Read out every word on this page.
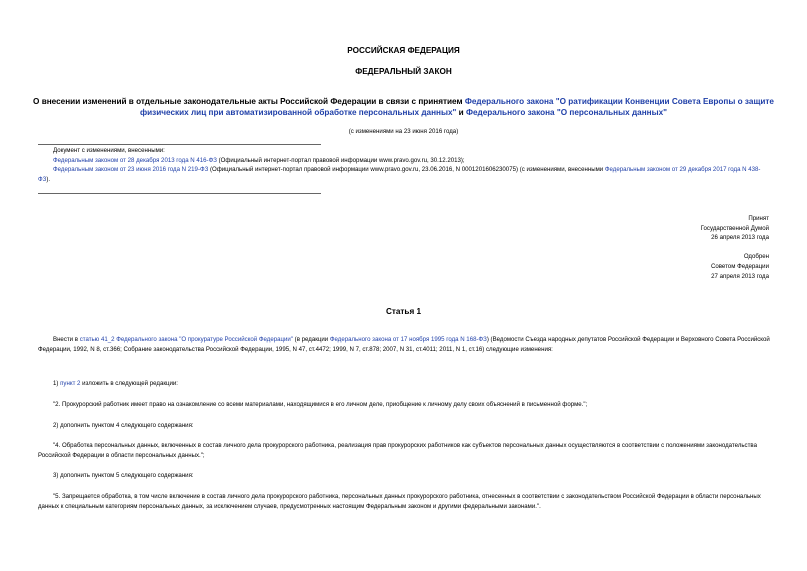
РОССИЙСКАЯ ФЕДЕРАЦИЯ
ФЕДЕРАЛЬНЫЙ ЗАКОН
О внесении изменений в отдельные законодательные акты Российской Федерации в связи с принятием Федерального закона "О ратификации Конвенции Совета Европы о защите физических лиц при автоматизированной обработке персональных данных" и Федерального закона "О персональных данных"
(с изменениями на 23 июня 2016 года)
Документ с изменениями, внесенными:
Федеральным законом от 28 декабря 2013 года N 416-ФЗ (Официальный интернет-портал правовой информации www.pravo.gov.ru, 30.12.2013);
Федеральным законом от 23 июня 2016 года N 219-ФЗ (Официальный интернет-портал правовой информации www.pravo.gov.ru, 23.06.2016, N 0001201606230075) (с изменениями, внесенными Федеральным законом от 29 декабря 2017 года N 438-ФЗ).
Принят
Государственной Думой
26 апреля 2013 года
Одобрен
Советом Федерации
27 апреля 2013 года
Статья 1
Внести в статью 41_2 Федерального закона "О прокуратуре Российской Федерации" (в редакции Федерального закона от 17 ноября 1995 года N 168-ФЗ) (Ведомости Съезда народных депутатов Российской Федерации и Верховного Совета Российской Федерации, 1992, N 8, ст.366; Собрание законодательства Российской Федерации, 1995, N 47, ст.4472; 1999, N 7, ст.878; 2007, N 31, ст.4011; 2011, N 1, ст.16) следующие изменения:
1) пункт 2 изложить в следующей редакции:
"2. Прокурорский работник имеет право на ознакомление со всеми материалами, находящимися в его личном деле, приобщение к личному делу своих объяснений в письменной форме.";
2) дополнить пунктом 4 следующего содержания:
"4. Обработка персональных данных, включенных в состав личного дела прокурорского работника, реализация прав прокурорских работников как субъектов персональных данных осуществляются в соответствии с положениями законодательства Российской Федерации в области персональных данных.";
3) дополнить пунктом 5 следующего содержания:
"5. Запрещается обработка, в том числе включение в состав личного дела прокурорского работника, персональных данных прокурорского работника, отнесенных в соответствии с законодательством Российской Федерации в области персональных данных к специальным категориям персональных данных, за исключением случаев, предусмотренных настоящим Федеральным законом и другими федеральными законами.".
